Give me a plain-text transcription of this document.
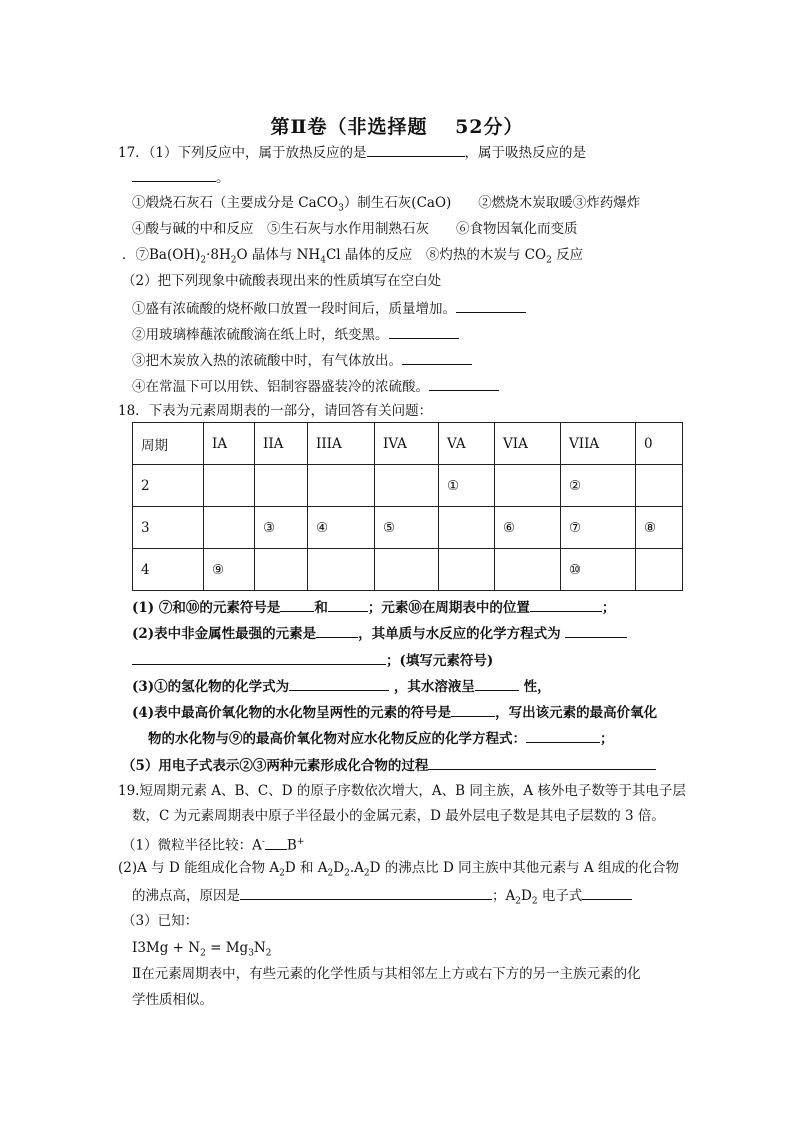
第Ⅱ卷（非选择题　 52分）
17．（1）下列反应中，属于放热反应的是	，属于吸热反应的是
。
①煅烧石灰石（主要成分是 CaCO$_3$）制生石灰(CaO)　　②燃烧木炭取暖③炸药爆炸
④酸与碱的中和反应　⑤生石灰与水作用制熟石灰　　⑥食物因氧化而变质
．$⑦Ba(OH)_2\cdot 8H_2O$ 晶体与 $NH_4Cl$ 晶体的反应　⑧灼热的木炭与 $CO_2$ 反应
（2）把下列现象中硫酸表现出来的性质填写在空白处
①盛有浓硫酸的烧杯敞口放置一段时间后，质量增加。
②用玻璃棒蘸浓硫酸滴在纸上时，纸变黑。
③把木炭放入热的浓硫酸中时，有气体放出。
④在常温下可以用铁、铝制容器盛装冷的浓硫酸。
18．下表为元素周期表的一部分，请回答有关问题：
周期	IA	IIA	IIIA	IVA	VA	VIA	VIIA	0
2					①		②	
3		③	④	⑤		⑥	⑦	⑧
4	⑨						⑩	
(1) ⑦和⑩的元素符号是	和	；元素⑩在周期表中的位置	；
(2)表中非金属性最强的元素是	，其单质与水反应的化学方程式为
；(填写元素符号)
(3)①的氢化物的化学式为	，其水溶液呈	性，
(4)表中最高价氧化物的水化物呈两性的元素的符号是	，写出该元素的最高价氧化
物的水化物与⑨的最高价氧化物对应水化物反应的化学方程式：	；
（5）用电子式表示②③两种元素形成化合物的过程
19.短周期元素 A、B、C、D 的原子序数依次增大，A、B 同主族，A 核外电子数等于其电子层
数，C 为元素周期表中原子半径最小的金属元素，D 最外层电子数是其电子层数的 3 倍。
（1）微粒半径比较：A- B+
(2)A 与 D 能组成化合物 $A_2D$ 和 $A_2D_2.A_2D$ 的沸点比 D 同主族中其他元素与 A 组成的化合物
的沸点高，原因是	；$A_2D_2$ 电子式
（3）已知：
Ⅰ3Mg + $N_2 = Mg_3N_2$
Ⅱ在元素周期表中，有些元素的化学性质与其相邻左上方或右下方的另一主族元素的化
学性质相似。
